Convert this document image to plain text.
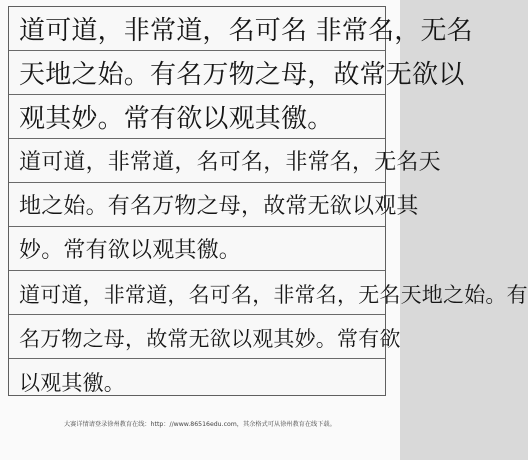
道可道，非常道，名可名 非常名，无名
天地之始。有名万物之母，故常无欲以
观其妙。常有欲以观其徼。
道可道，非常道，名可名，非常名，无名天
地之始。有名万物之母，故常无欲以观其
妙。常有欲以观其徼。
道可道，非常道，名可名，非常名，无名天地之始。有
名万物之母，故常无欲以观其妙。常有欲
以观其徼。
大赛详情请登录徐州教育在线：http：//www.86516edu.com，其余格式可从徐州教育在线下载。
